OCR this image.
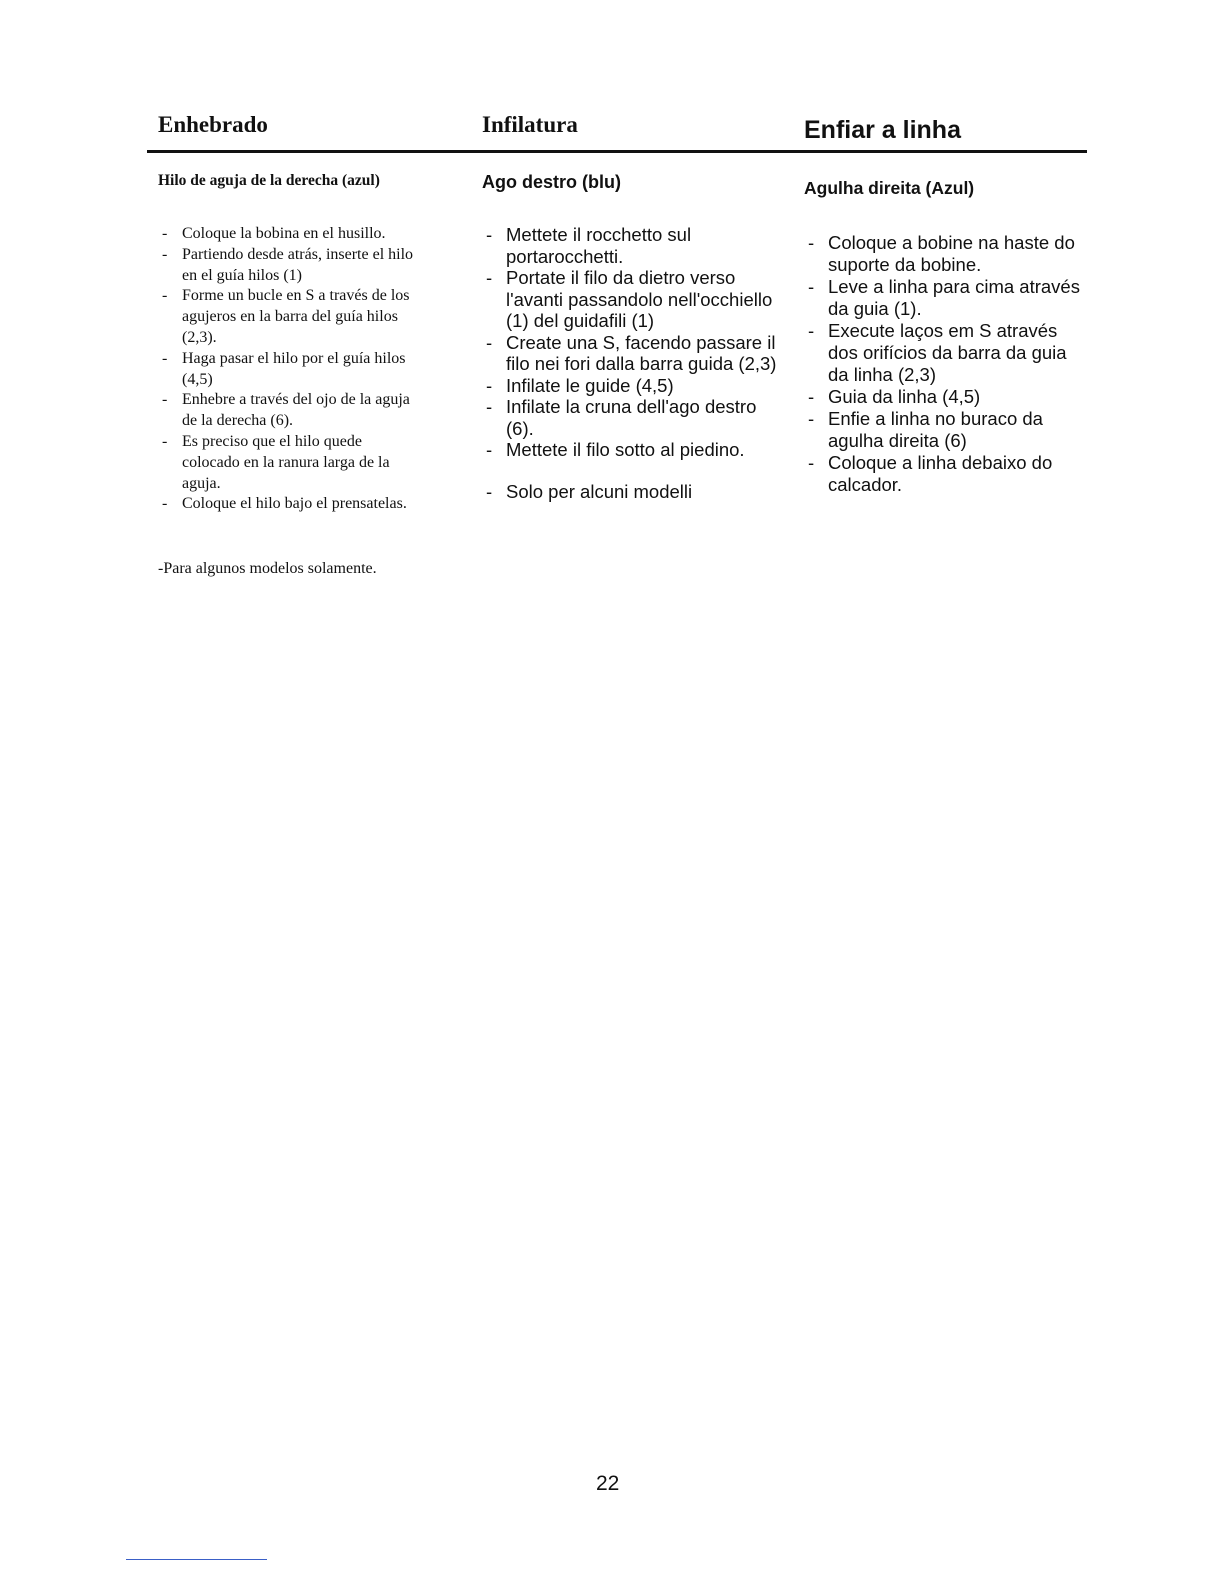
Enhebrado
Hilo de aguja de la derecha (azul)
- Coloque la bobina en el husillo.
- Partiendo desde atrás, inserte el hilo en el guía hilos (1)
- Forme un bucle en S a través de los agujeros en la barra del guía hilos (2,3).
- Haga pasar el hilo por el guía hilos (4,5)
- Enhebre a través del ojo de la aguja de la derecha (6).
- Es preciso que el hilo quede colocado en la ranura larga de la aguja.
- Coloque el hilo bajo el prensatelas.

-Para algunos modelos solamente.

Infilatura
Ago destro (blu)
- Mettete il rocchetto sul portarocchetti.
- Portate il filo da dietro verso l'avanti passandolo nell'occhiello (1) del guidafili (1)
- Create una S, facendo passare il filo nei fori dalla barra guida (2,3)
- Infilate le guide (4,5)
- Infilate la cruna dell'ago destro (6).
- Mettete il filo sotto al piedino.
- Solo per alcuni modelli
Enfiar a linha
Agulha direita (Azul)
- Coloque a bobine na haste do suporte da bobine.
- Leve a linha para cima através da guia (1).
- Execute laços em S através dos orifícios da barra da guia da linha (2,3)
- Guia da linha (4,5)
- Enfie a linha no buraco da agulha direita (6)
- Coloque a linha debaixo do calcador.

22
